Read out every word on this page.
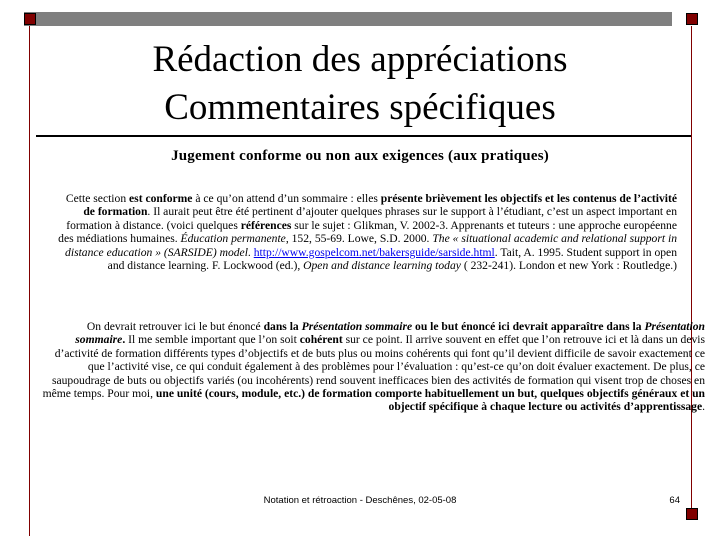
Rédaction des appréciations
Commentaires spécifiques
Jugement conforme ou non aux exigences (aux pratiques)
Cette section est conforme à ce qu’on attend d’un sommaire : elles présente brièvement les objectifs et les contenus de l’activité de formation. Il aurait peut être été pertinent d’ajouter quelques phrases sur le support à l’étudiant, c’est un aspect important en formation à distance. (voici quelques références sur le sujet : Glikman, V. 2002-3. Apprenants et tuteurs : une approche européenne des médiations humaines. Éducation permanente, 152, 55-69. Lowe, S.D. 2000. The « situational academic and relational support in distance education » (SARSIDE) model. http://www.gospelcom.net/bakersguide/sarside.html. Tait, A. 1995. Student support in open and distance learning. F. Lockwood (ed.), Open and distance learning today ( 232-241). London et new York : Routledge.)
On devrait retrouver ici le but énoncé dans la Présentation sommaire ou le but énoncé ici devrait apparaître dans la Présentation sommaire. Il me semble important que l’on soit cohérent sur ce point. Il arrive souvent en effet que l’on retrouve ici et là dans un devis d’activité de formation différents types d’objectifs et de buts plus ou moins cohérents qui font qu’il devient difficile de savoir exactement ce que l’activité vise, ce qui conduit également à des problèmes pour l’évaluation : qu’est-ce qu’on doit évaluer exactement. De plus, ce saupoudrage de buts ou objectifs variés (ou incohérents) rend souvent inefficaces bien des activités de formation qui visent trop de choses en même temps. Pour moi, une unité (cours, module, etc.) de formation comporte habituellement un but, quelques objectifs généraux et un objectif spécifique à chaque lecture ou activités d’apprentissage.
Notation et rétroaction - Deschênes, 02-05-08	64
